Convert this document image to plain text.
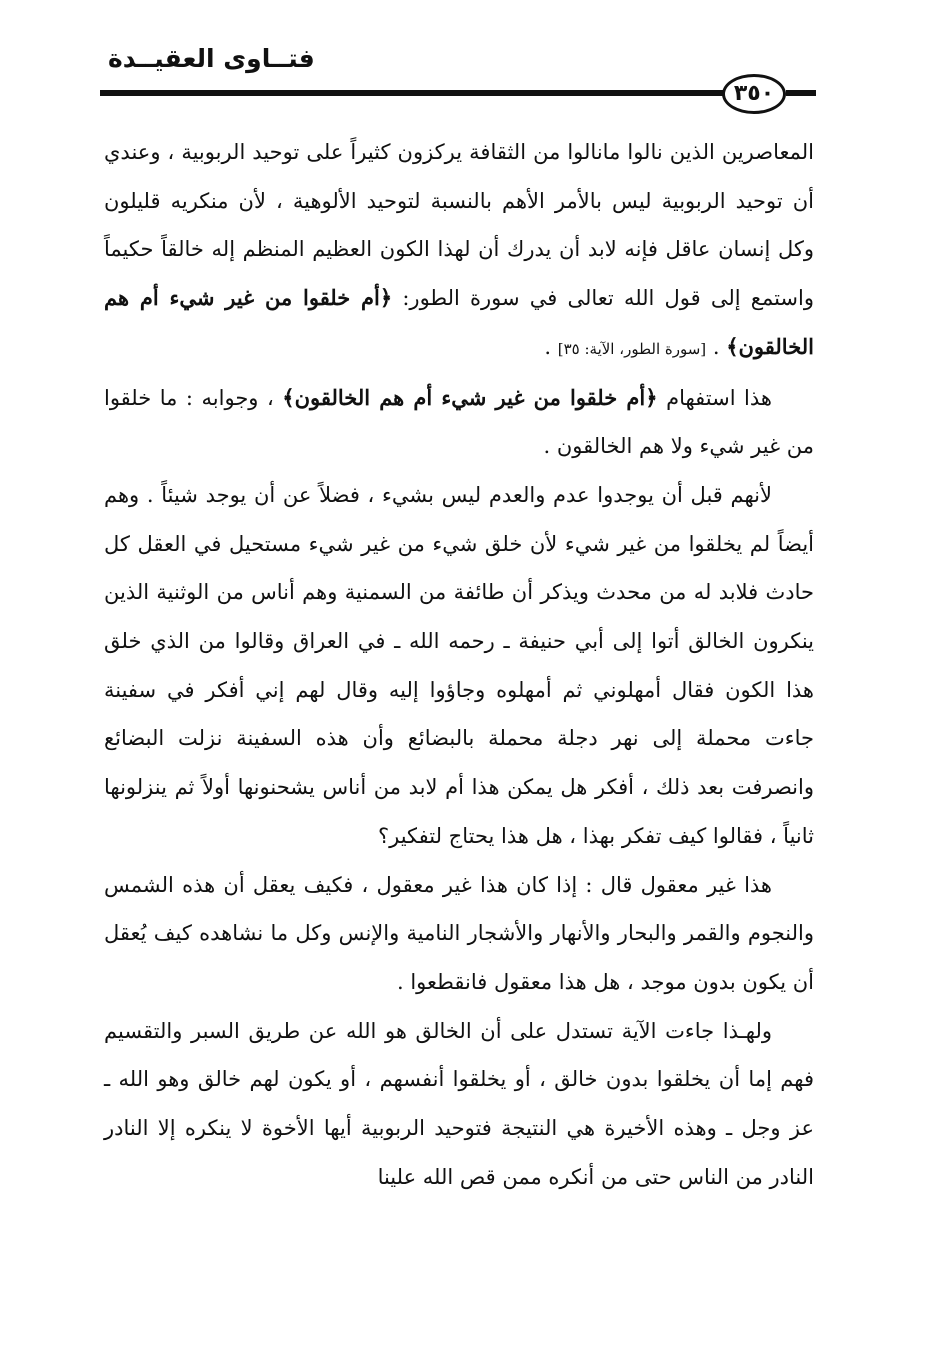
فتــاوى العقيــدة
٣٥٠

المعاصرين الذين نالوا مانالوا من الثقافة يركزون كثيراً على توحيد الربوبية ، وعندي أن توحيد الربوبية ليس بالأمر الأهم بالنسبة لتوحيد الألوهية ، لأن منكريه قليلون وكل إنسان عاقل فإنه لابد أن يدرك أن لهذا الكون العظيم المنظم إله خالقاً حكيماً واستمع إلى قول الله تعالى في سورة الطور: ﴿أم خلقوا من غير شيء أم هم الخالقون﴾ . [سورة الطور، الآية: ٣٥] .

هذا استفهام ﴿أم خلقوا من غير شيء أم هم الخالقون﴾ ، وجوابه : ما خلقوا من غير شيء ولا هم الخالقون .

لأنهم قبل أن يوجدوا عدم والعدم ليس بشيء ، فضلاً عن أن يوجد شيئاً . وهم أيضاً لم يخلقوا من غير شيء لأن خلق شيء من غير شيء مستحيل في العقل كل حادث فلابد له من محدث ويذكر أن طائفة من السمنية وهم أناس من الوثنية الذين ينكرون الخالق أتوا إلى أبي حنيفة ـ رحمه الله ـ في العراق وقالوا من الذي خلق هذا الكون فقال أمهلوني ثم أمهلوه وجاؤوا إليه وقال لهم إني أفكر في سفينة جاءت محملة إلى نهر دجلة محملة بالبضائع وأن هذه السفينة نزلت البضائع وانصرفت بعد ذلك ، أفكر هل يمكن هذا أم لابد من أناس يشحنونها أولاً ثم ينزلونها ثانياً ، فقالوا كيف تفكر بهذا ، هل هذا يحتاج لتفكير؟

هذا غير معقول قال : إذا كان هذا غير معقول ، فكيف يعقل أن هذه الشمس والنجوم والقمر والبحار والأنهار والأشجار النامية والإنس وكل ما نشاهده كيف يُعقل أن يكون بدون موجد ، هل هذا معقول فانقطعوا .

ولهـذا جاءت الآية تستدل على أن الخالق هو الله عن طريق السبر والتقسيم فهم إما أن يخلقوا بدون خالق ، أو يخلقوا أنفسهم ، أو يكون لهم خالق وهو الله ـ عز وجل ـ وهذه الأخيرة هي النتيجة فتوحيد الربوبية أيها الأخوة لا ينكره إلا النادر النادر من الناس حتى من أنكره ممن قص الله علينا
